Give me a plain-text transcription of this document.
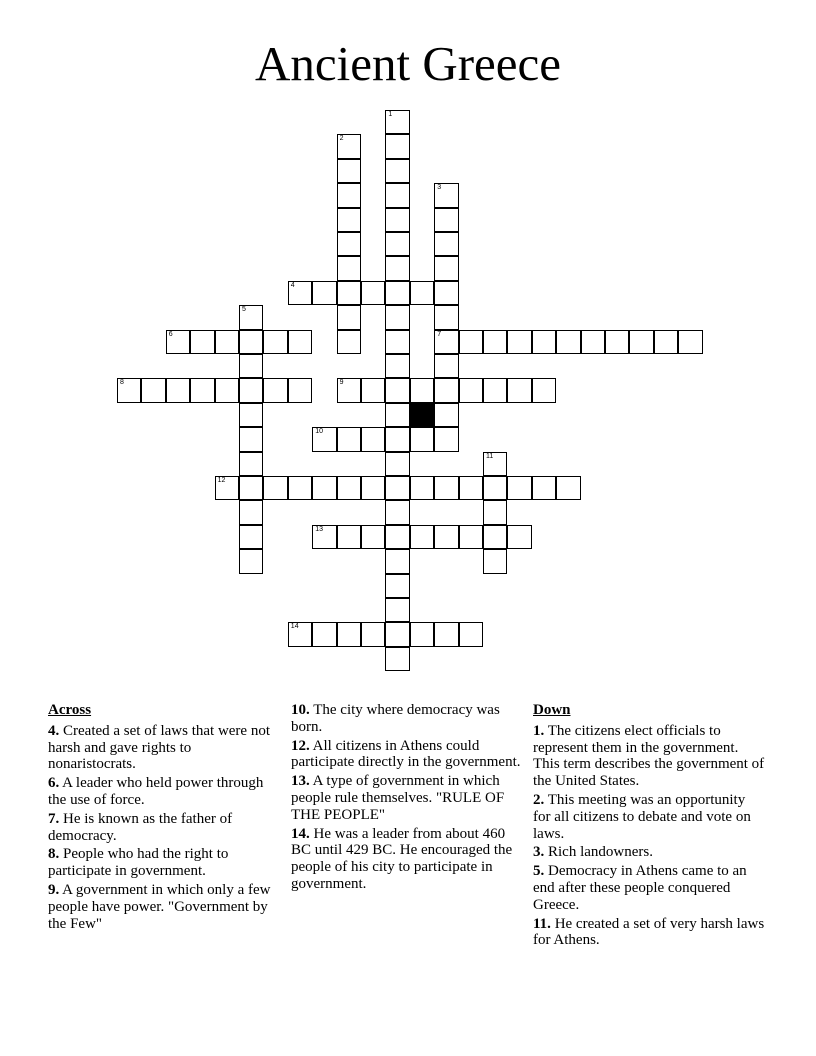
Ancient Greece
1
2
3
7
4
5
6
8	9
10
11
12
13
14
Across
4. Created a set of laws that were not harsh and gave rights to nonaristocrats.
6. A leader who held power through the use of force.
7. He is known as the father of democracy.
8. People who had the right to participate in government.
9. A government in which only a few people have power. "Government by the Few"
10. The city where democracy was born.
12. All citizens in Athens could participate directly in the government.
13. A type of government in which people rule themselves. "RULE OF THE PEOPLE"
14. He was a leader from about 460 BC until 429 BC. He encouraged the people of his city to participate in government.
Down
1. The citizens elect officials to represent them in the government. This term describes the government of the United States.
2. This meeting was an opportunity for all citizens to debate and vote on laws.
3. Rich landowners.
5. Democracy in Athens came to an end after these people conquered Greece.
11. He created a set of very harsh laws for Athens.
